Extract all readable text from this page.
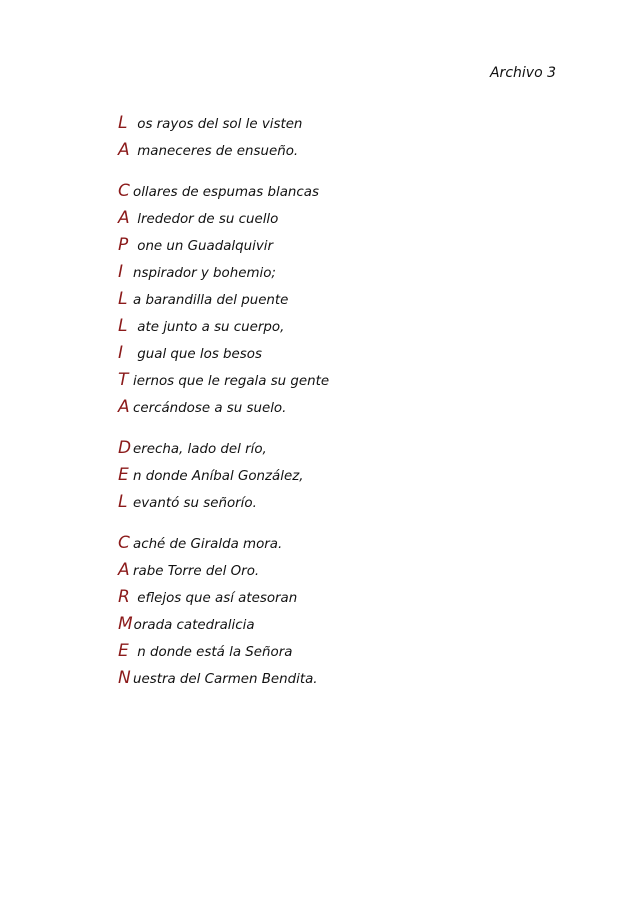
Archivo 3
L os rayos del sol le visten
A maneceres de ensueño.
C ollares de espumas blancas
A lrededor de su cuello
P one un Guadalquivir
I nspirador y bohemio;
L a barandilla del puente
L ate junto a su cuerpo,
I gual que los besos
T iernos que le regala su gente
A cercándose a su suelo.
D erecha, lado del río,
E n donde Aníbal González,
L evantó su señorío.
C aché de Giralda mora.
A rabe Torre del Oro.
R eflejos que así atesoran
Morada catedralicia
E n donde está la Señora
N uestra del Carmen Bendita.
